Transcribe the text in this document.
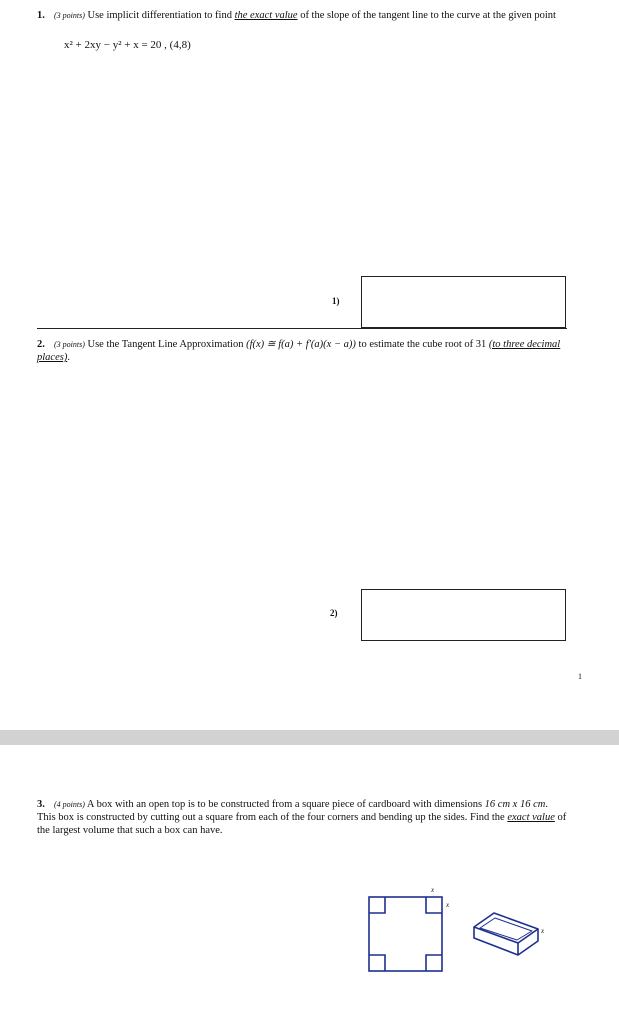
1. (3 points) Use implicit differentiation to find the exact value of the slope of the tangent line to the curve at the given point
x² + 2xy − y² + x = 20 , (4,8)
1)
2. (3 points) Use the Tangent Line Approximation (f(x) ≅ f(a) + f′(a)(x − a)) to estimate the cube root of 31 (to three decimal places).
2)
1
3. (4 points) A box with an open top is to be constructed from a square piece of cardboard with dimensions 16 cm x 16 cm. This box is constructed by cutting out a square from each of the four corners and bending up the sides. Find the exact value of the largest volume that such a box can have.
x
x
x
